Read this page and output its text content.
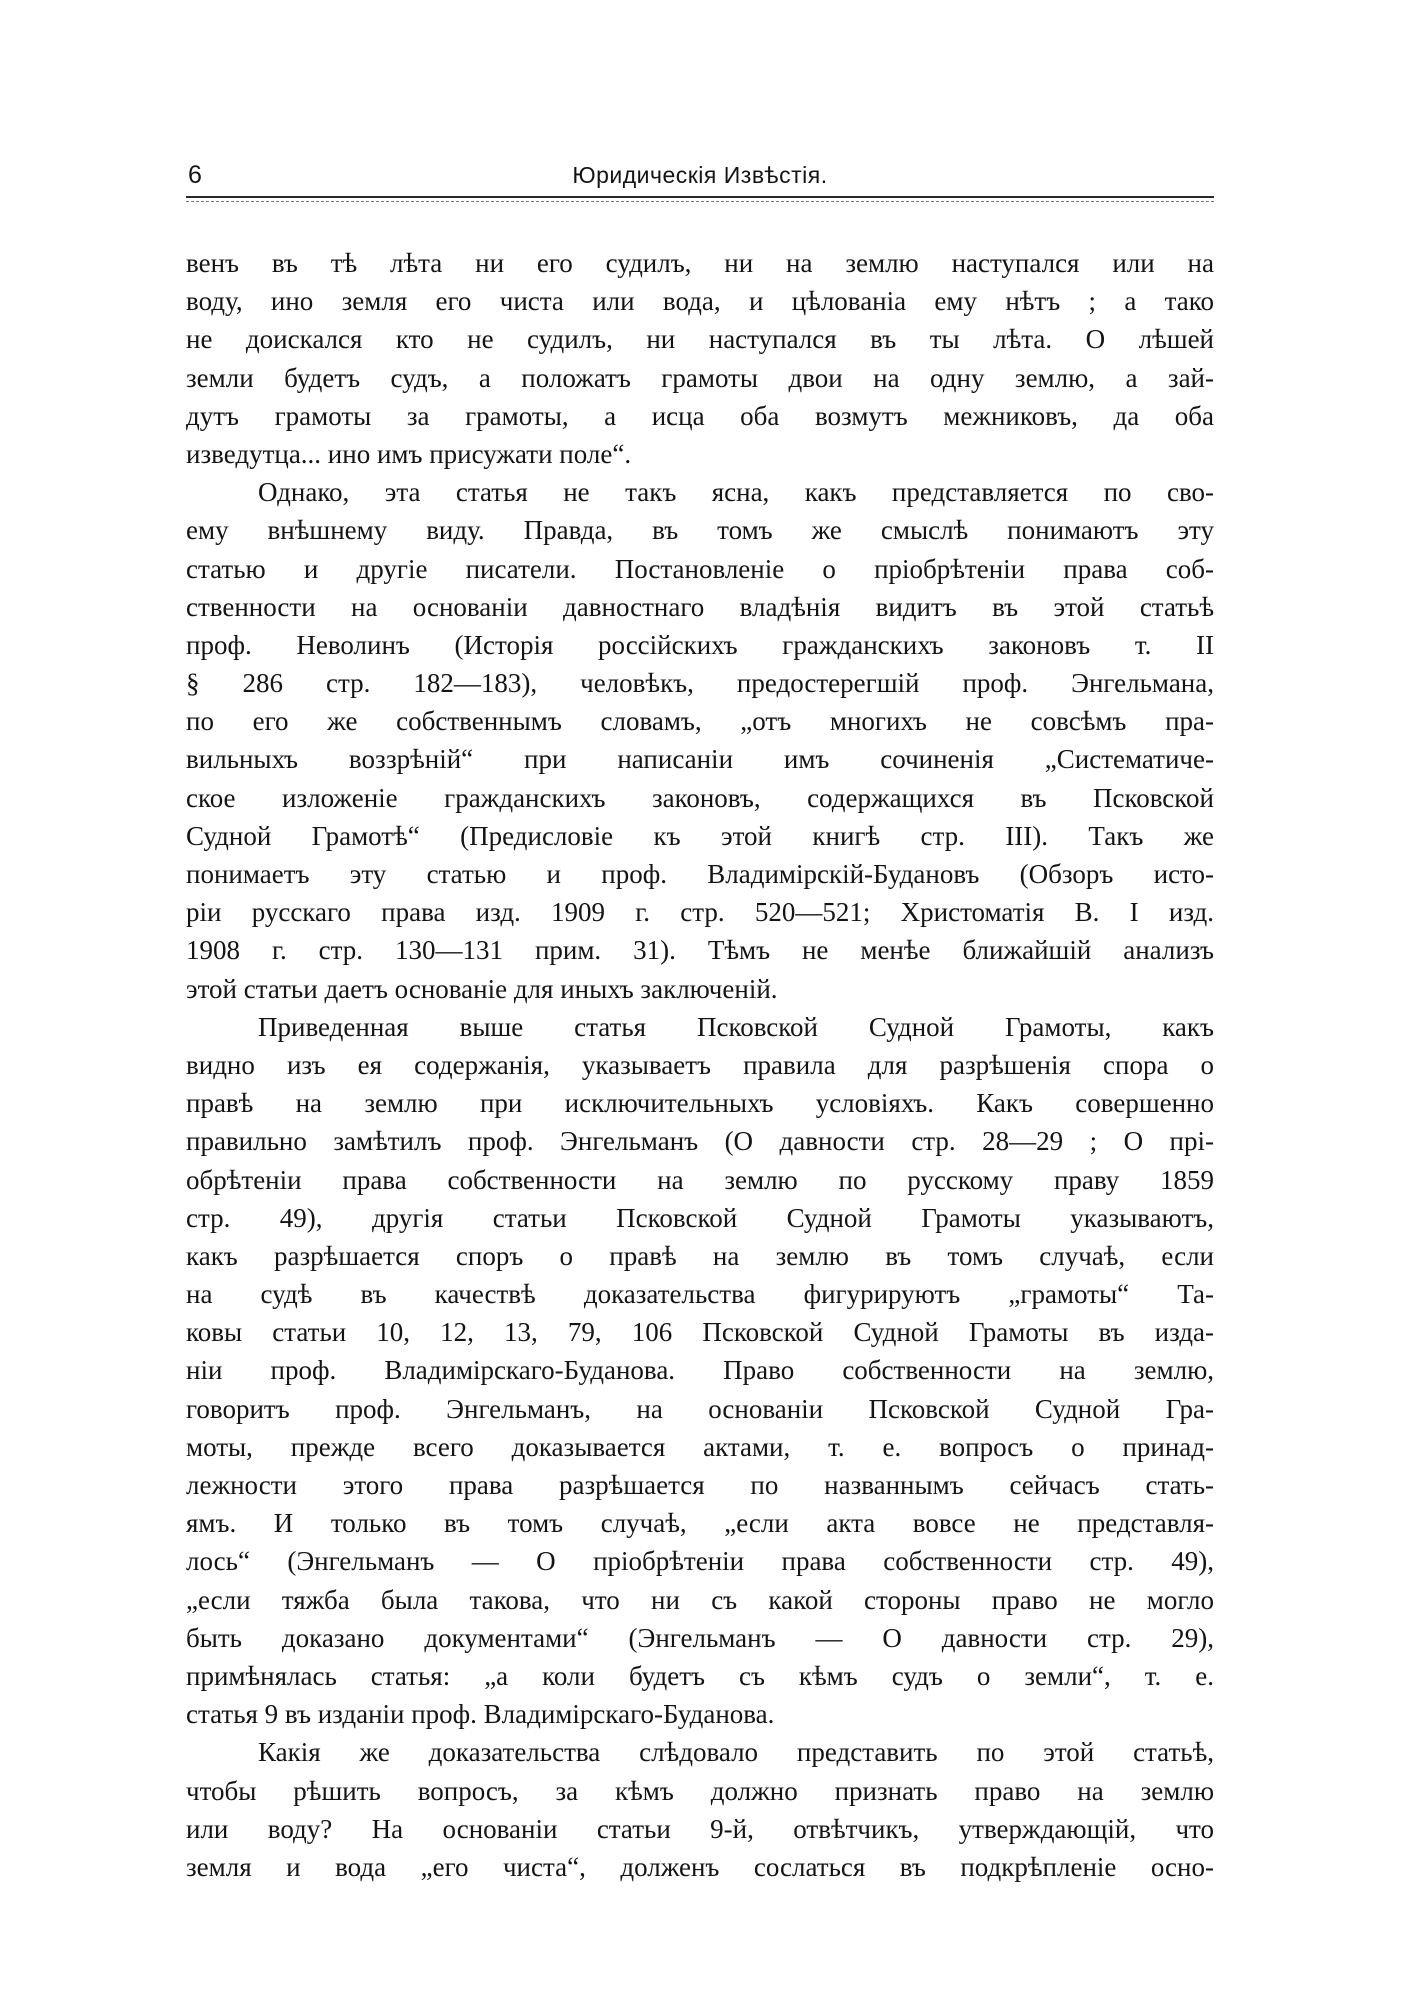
6	Юридическія Извѣстія.
венъ въ тѣ лѣта ни его судилъ, ни на землю наступался или на
воду, ино земля его чиста или вода, и цѣлованіа ему нѣтъ ; а тако
не доискался кто не судилъ, ни наступался въ ты лѣта. О лѣшей
земли будетъ судъ, а положатъ грамоты двои на одну землю, а зай-
дутъ грамоты за грамоты, а исца оба возмутъ межниковъ, да оба
изведутца... ино имъ присужати поле“.
Однако, эта статья не такъ ясна, какъ представляется по сво-
ему внѣшнему виду. Правда, въ томъ же смыслѣ понимаютъ эту
статью и другіе писатели. Постановленіе о пріобрѣтеніи права соб-
ственности на основаніи давностнаго владѣнія видитъ въ этой статьѣ
проф. Неволинъ (Исторія россійскихъ гражданскихъ законовъ т. II
§ 286 стр. 182—183), человѣкъ, предостерегшій проф. Энгельмана,
по его же собственнымъ словамъ, „отъ многихъ не совсѣмъ пра-
вильныхъ воззрѣній“ при написаніи имъ сочиненія „Систематиче-
ское изложеніе гражданскихъ законовъ, содержащихся въ Псковской
Судной Грамотѣ“ (Предисловіе къ этой книгѣ стр. III). Такъ же
понимаетъ эту статью и проф. Владимірскій-Будановъ (Обзоръ исто-
ріи русскаго права изд. 1909 г. стр. 520—521; Христоматія В. I изд.
1908 г. стр. 130—131 прим. 31). Тѣмъ не менѣе ближайшій анализъ
этой статьи даетъ основаніе для иныхъ заключеній.
Приведенная выше статья Псковской Судной Грамоты, какъ
видно изъ ея содержанія, указываетъ правила для разрѣшенія спора о
правѣ на землю при исключительныхъ условіяхъ. Какъ совершенно
правильно замѣтилъ проф. Энгельманъ (О давности стр. 28—29 ; О прі-
обрѣтеніи права собственности на землю по русскому праву 1859
стр. 49), другія статьи Псковской Судной Грамоты указываютъ,
какъ разрѣшается споръ о правѣ на землю въ томъ случаѣ, если
на судѣ въ качествѣ доказательства фигурируютъ „грамоты“ Та-
ковы статьи 10, 12, 13, 79, 106 Псковской Судной Грамоты въ изда-
ніи проф. Владимірскаго-Буданова. Право собственности на землю,
говоритъ проф. Энгельманъ, на основаніи Псковской Судной Гра-
моты, прежде всего доказывается актами, т. е. вопросъ о принад-
лежности этого права разрѣшается по названнымъ сейчасъ стать-
ямъ. И только въ томъ случаѣ, „если акта вовсе не представля-
лось“ (Энгельманъ — О пріобрѣтеніи права собственности стр. 49),
„если тяжба была такова, что ни съ какой стороны право не могло
быть доказано документами“ (Энгельманъ — О давности стр. 29),
примѣнялась статья: „а коли будетъ съ кѣмъ судъ о земли“, т. е.
статья 9 въ изданіи проф. Владимірскаго-Буданова.
Какія же доказательства слѣдовало представить по этой статьѣ,
чтобы рѣшить вопросъ, за кѣмъ должно признать право на землю
или воду? На основаніи статьи 9-й, отвѣтчикъ, утверждающій, что
земля и вода „его чиста“, долженъ сослаться въ подкрѣпленіе осно-
